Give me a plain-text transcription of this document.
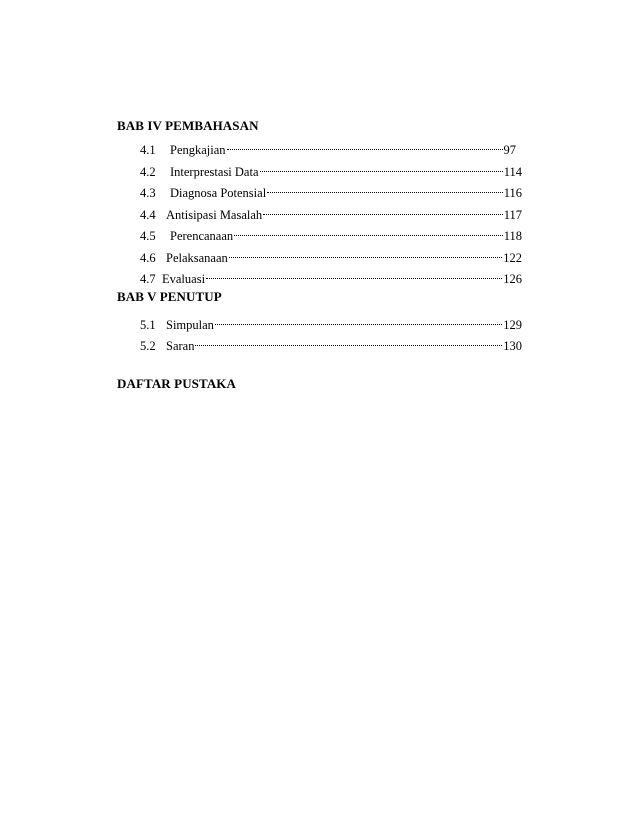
BAB IV PEMBAHASAN
4.1	Pengkajian	97
4.2	Interprestasi Data	114
4.3	Diagnosa Potensial	116
4.4 Antisipasi Masalah	117
4.5	Perencanaan	118
4.6 Pelaksanaan	122
4.7 Evaluasi	126
BAB V PENUTUP
5.1 Simpulan	129
5.2 Saran	130
DAFTAR PUSTAKA
